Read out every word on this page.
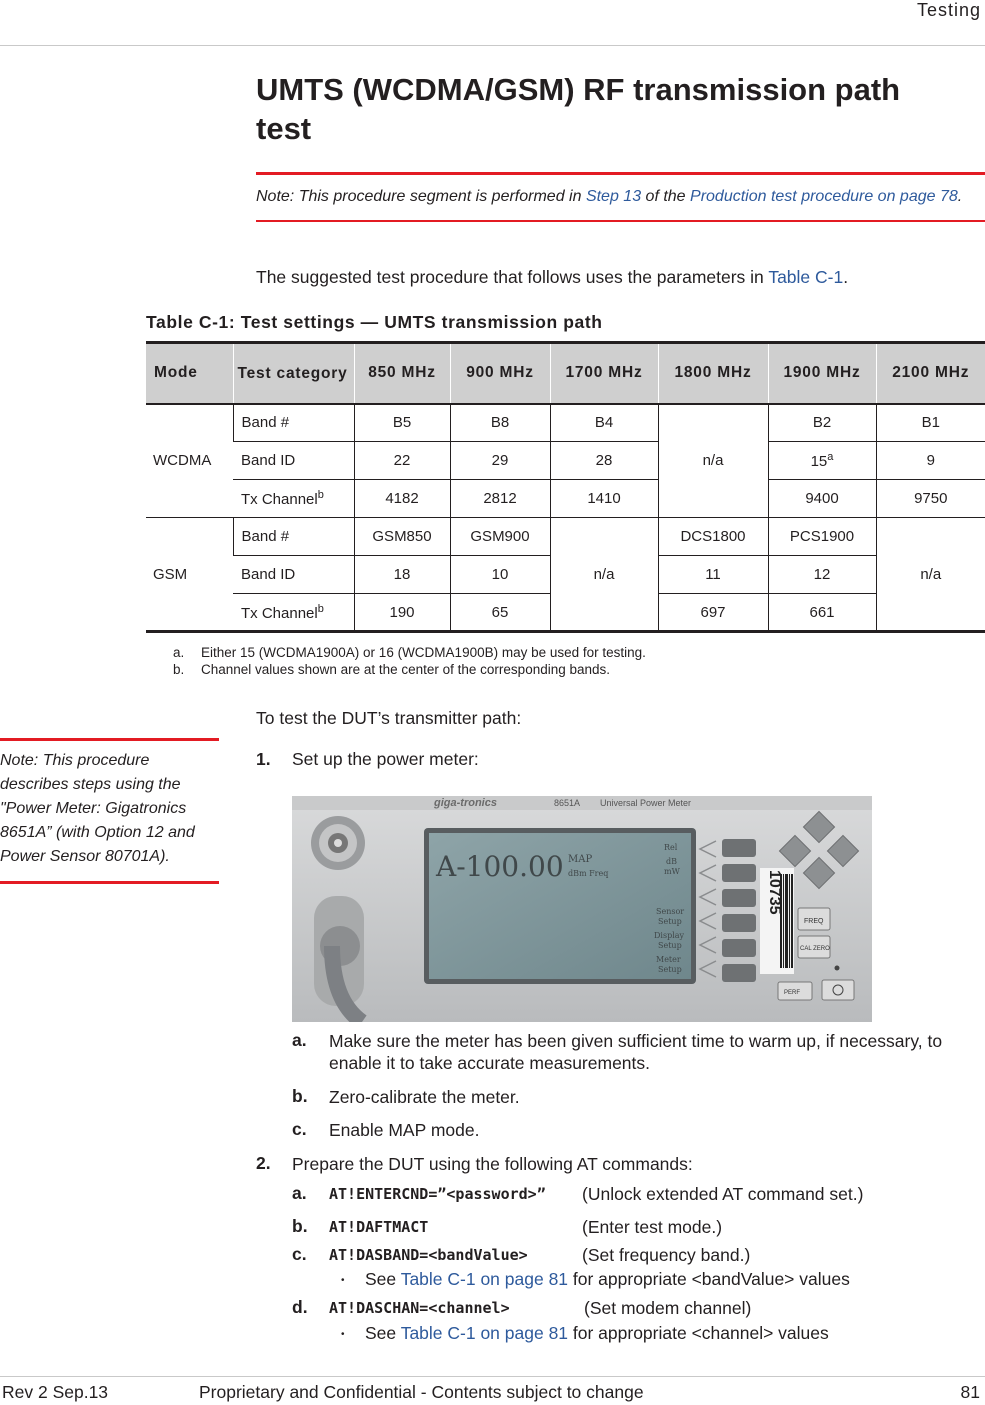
Testing
UMTS (WCDMA/GSM) RF transmission path test
Note: This procedure segment is performed in Step 13 of the Production test procedure on page 78.

The suggested test procedure that follows uses the parameters in Table C-1.

Table C-1: Test settings — UMTS transmission path
Mode	Test category	850 MHz	900 MHz	1700 MHz	1800 MHz	1900 MHz	2100 MHz
WCDMA	Band #	B5	B8	B4	n/a	B2	B1
	Band ID	22	29	28		15$^a$	9
	Tx Channel$^b$	4182	2812	1410		9400	9750
GSM	Band #	GSM850	GSM900	n/a	DCS1800	PCS1900	n/a
	Band ID	18	10		11	12	
	Tx Channel$^b$	190	65		697	661	
a. Either 15 (WCDMA1900A) or 16 (WCDMA1900B) may be used for testing.
b. Channel values shown are at the center of the corresponding bands.

To test the DUT’s transmitter path:

Note: This procedure describes steps using the "Power Meter: Gigatronics 8651A” (with Option 12 and Power Sensor 80701A).
1. Set up the power meter:
giga-tronics	8651A Universal Power Meter
A-100.00 MAP
dBm Freq
Rel
dB
mW
Sensor
Setup
Display
Setup
Meter
Setup
10735
FREQ
CAL ZERO
PERF
a. Make sure the meter has been given sufficient time to warm up, if necessary, to enable it to take accurate measurements.
b. Zero-calibrate the meter.
c. Enable MAP mode.
2. Prepare the DUT using the following AT commands:
a. AT!ENTERCND=”<password>” (Unlock extended AT command set.)
b. AT!DAFTMACT	(Enter test mode.)
c. AT!DASBAND=<bandValue>	(Set frequency band.)
• See Table C-1 on page 81 for appropriate <bandValue> values
d. AT!DASCHAN=<channel>	(Set modem channel)
• See Table C-1 on page 81 for appropriate <channel> values
Rev 2 Sep.13	Proprietary and Confidential - Contents subject to change	81
